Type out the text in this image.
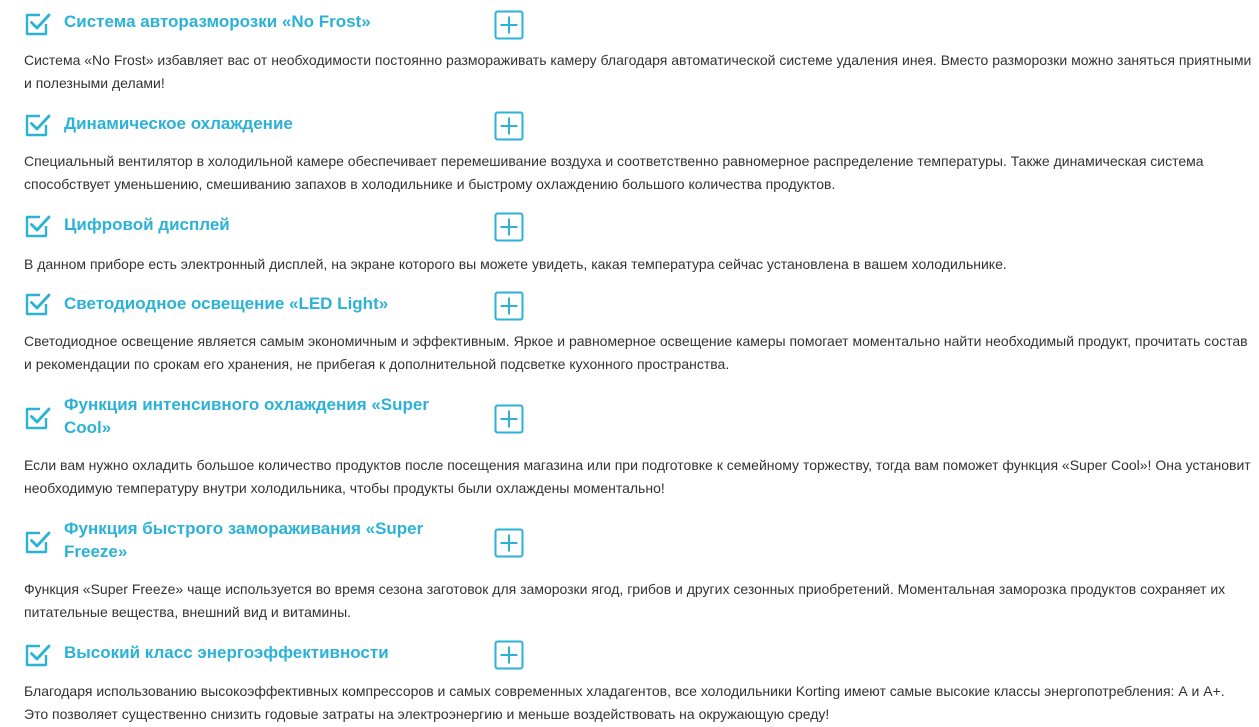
Система авторазморозки «No Frost»

Система «No Frost» избавляет вас от необходимости постоянно размораживать камеру благодаря автоматической системе удаления инея. Вместо разморозки можно заняться приятными и полезными делами!

Динамическое охлаждение

Специальный вентилятор в холодильной камере обеспечивает перемешивание воздуха и соответственно равномерное распределение температуры. Также динамическая система способствует уменьшению, смешиванию запахов в холодильнике и быстрому охлаждению большого количества продуктов.

Цифровой дисплей

В данном приборе есть электронный дисплей, на экране которого вы можете увидеть, какая температура сейчас установлена в вашем холодильнике.

Светодиодное освещение «LED Light»

Светодиодное освещение является самым экономичным и эффективным. Яркое и равномерное освещение камеры помогает моментально найти необходимый продукт, прочитать состав и рекомендации по срокам его хранения, не прибегая к дополнительной подсветке кухонного пространства.

Функция интенсивного охлаждения «Super Cool»

Если вам нужно охладить большое количество продуктов после посещения магазина или при подготовке к семейному торжеству, тогда вам поможет функция «Super Cool»! Она установит необходимую температуру внутри холодильника, чтобы продукты были охлаждены моментально!

Функция быстрого замораживания «Super Freeze»

Функция «Super Freeze» чаще используется во время сезона заготовок для заморозки ягод, грибов и других сезонных приобретений. Моментальная заморозка продуктов сохраняет их питательные вещества, внешний вид и витамины.

Высокий класс энергоэффективности

Благодаря использованию высокоэффективных компрессоров и самых современных хладагентов, все холодильники Korting имеют самые высокие классы энергопотребления: А и А+. Это позволяет существенно снизить годовые затраты на электроэнергию и меньше воздействовать на окружающую среду!
